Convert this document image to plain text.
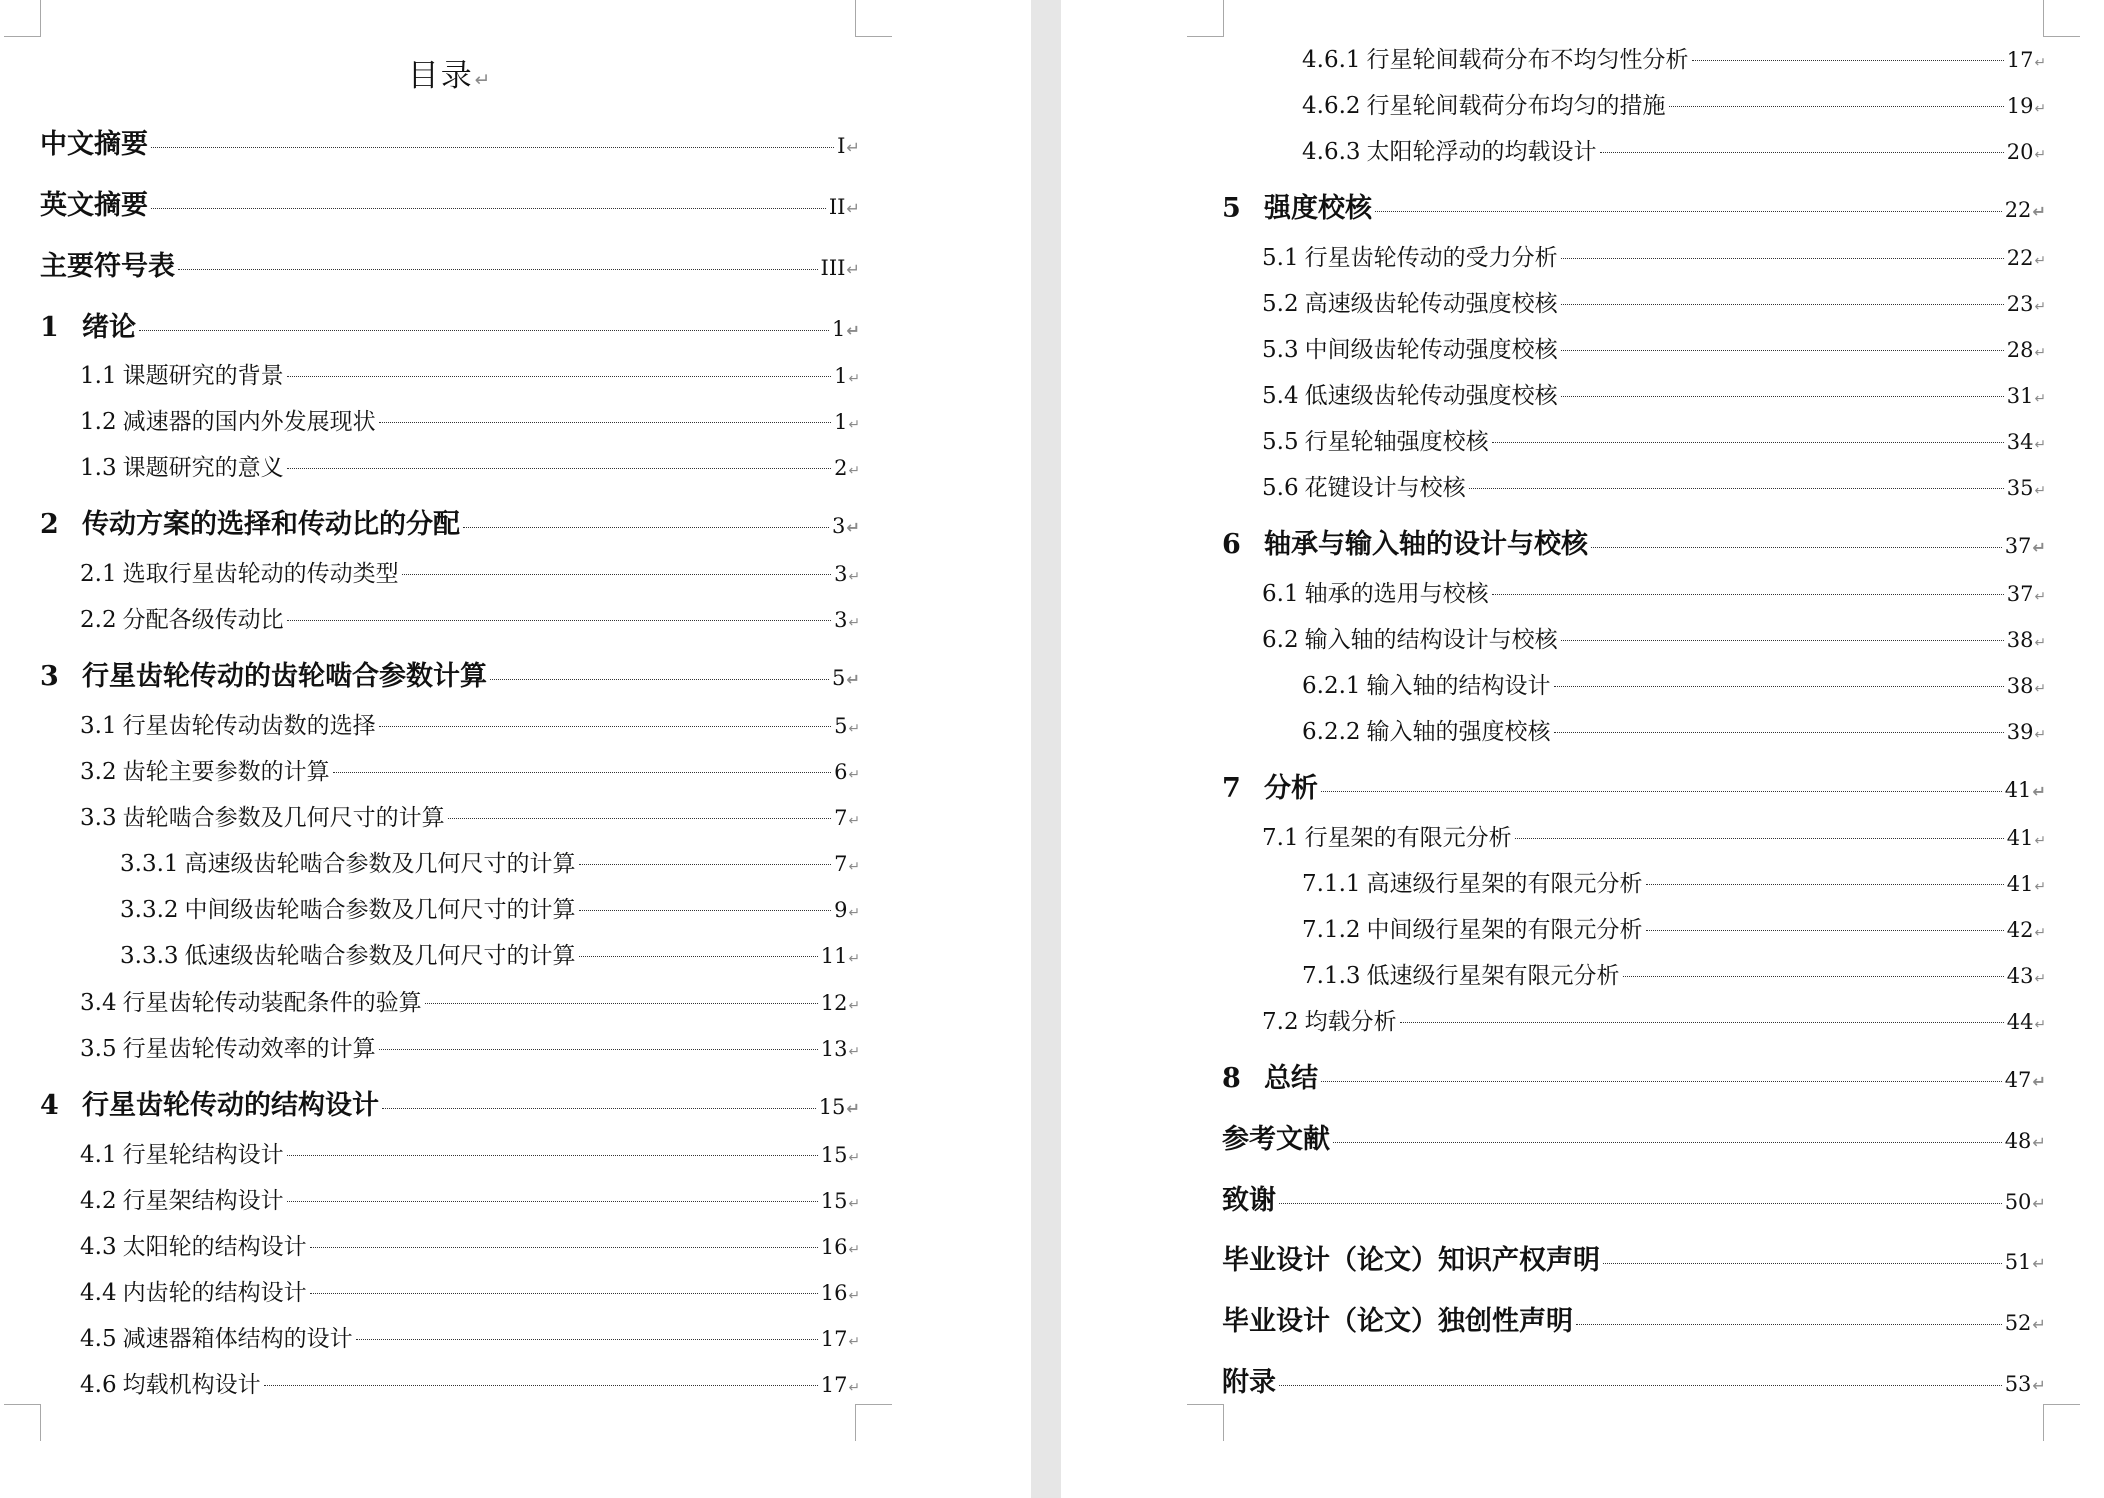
目录↵
中文摘要	I ↵
英文摘要	II ↵
主要符号表	III ↵
1 绪论	1 ↵
1.1 课题研究的背景	1 ↵
1.2 减速器的国内外发展现状	1 ↵
1.3 课题研究的意义	2 ↵
2 传动方案的选择和传动比的分配	3 ↵
2.1 选取行星齿轮动的传动类型	3 ↵
2.2 分配各级传动比	3 ↵
3 行星齿轮传动的齿轮啮合参数计算	5 ↵
3.1 行星齿轮传动齿数的选择	5 ↵
3.2 齿轮主要参数的计算	6 ↵
3.3 齿轮啮合参数及几何尺寸的计算	7 ↵
3.3.1 高速级齿轮啮合参数及几何尺寸的计算	7 ↵
3.3.2 中间级齿轮啮合参数及几何尺寸的计算	9 ↵
3.3.3 低速级齿轮啮合参数及几何尺寸的计算	11 ↵
3.4 行星齿轮传动装配条件的验算	12 ↵
3.5 行星齿轮传动效率的计算	13 ↵
4 行星齿轮传动的结构设计	15 ↵
4.1 行星轮结构设计	15 ↵
4.2 行星架结构设计	15 ↵
4.3 太阳轮的结构设计	16 ↵
4.4 内齿轮的结构设计	16 ↵
4.5 减速器箱体结构的设计	17 ↵
4.6 均载机构设计	17 ↵
4.6.1 行星轮间载荷分布不均匀性分析	17 ↵
4.6.2 行星轮间载荷分布均匀的措施	19 ↵
4.6.3 太阳轮浮动的均载设计	20 ↵
5 强度校核	22 ↵
5.1 行星齿轮传动的受力分析	22 ↵
5.2 高速级齿轮传动强度校核	23 ↵
5.3 中间级齿轮传动强度校核	28 ↵
5.4 低速级齿轮传动强度校核	31 ↵
5.5 行星轮轴强度校核	34 ↵
5.6 花键设计与校核	35 ↵
6 轴承与输入轴的设计与校核	37 ↵
6.1 轴承的选用与校核	37 ↵
6.2 输入轴的结构设计与校核	38 ↵
6.2.1 输入轴的结构设计	38 ↵
6.2.2 输入轴的强度校核	39 ↵
7 分析	41 ↵
7.1 行星架的有限元分析	41 ↵
7.1.1 高速级行星架的有限元分析	41 ↵
7.1.2 中间级行星架的有限元分析	42 ↵
7.1.3 低速级行星架有限元分析	43 ↵
7.2 均载分析	44 ↵
8 总结	47 ↵
参考文献	48 ↵
致谢	50 ↵
毕业设计（论文）知识产权声明	51 ↵
毕业设计（论文）独创性声明	52 ↵
附录	53 ↵
